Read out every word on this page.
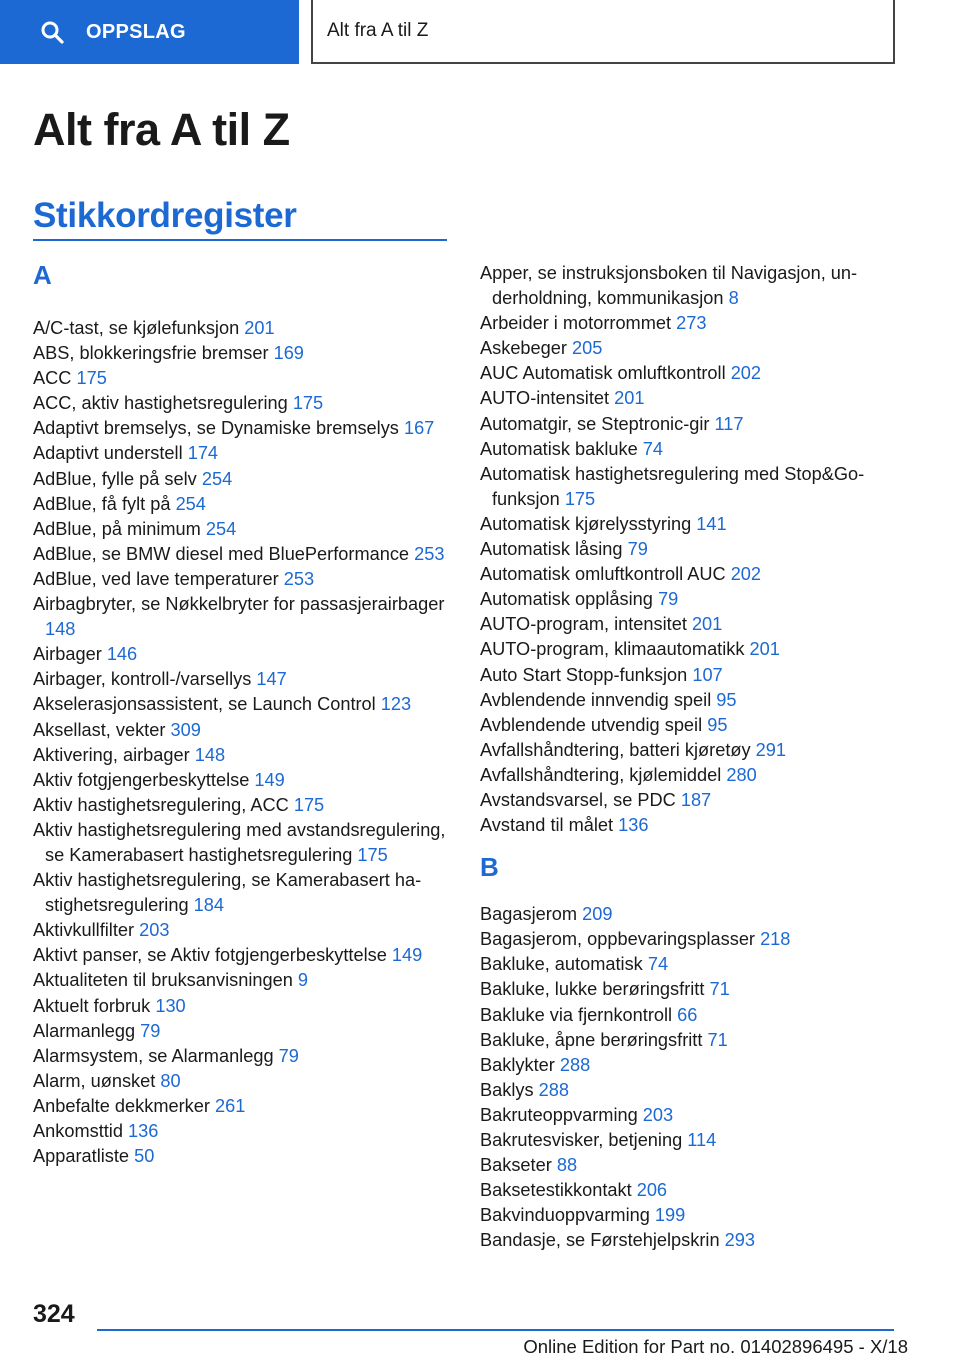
OPPSLAG	Alt fra A til Z
Alt fra A til Z
Stikkordregister
A
A/C-tast, se kjølefunksjon 201
ABS, blokkeringsfrie bremser 169
ACC 175
ACC, aktiv hastighetsregulering 175
Adaptivt bremselys, se Dynamiske bremselys 167
Adaptivt understell 174
AdBlue, fylle på selv 254
AdBlue, få fylt på 254
AdBlue, på minimum 254
AdBlue, se BMW diesel med BluePerformance 253
AdBlue, ved lave temperaturer 253
Airbagbryter, se Nøkkelbryter for passasjerairbager 148
Airbager 146
Airbager, kontroll-/varsellys 147
Akselerasjonsassistent, se Launch Control 123
Aksellast, vekter 309
Aktivering, airbager 148
Aktiv fotgjengerbeskyttelse 149
Aktiv hastighetsregulering, ACC 175
Aktiv hastighetsregulering med avstandsregulering, se Kamerabasert hastighetsregulering 175
Aktiv hastighetsregulering, se Kamerabasert hastighetsregulering 184
Aktivkullfilter 203
Aktivt panser, se Aktiv fotgjengerbeskyttelse 149
Aktualiteten til bruksanvisningen 9
Aktuelt forbruk 130
Alarmanlegg 79
Alarmsystem, se Alarmanlegg 79
Alarm, uønsket 80
Anbefalte dekkmerker 261
Ankomsttid 136
Apparatliste 50
Apper, se instruksjonsboken til Navigasjon, underholdning, kommunikasjon 8
Arbeider i motorrommet 273
Askebeger 205
AUC Automatisk omluftkontroll 202
AUTO-intensitet 201
Automatgir, se Steptronic-gir 117
Automatisk bakluke 74
Automatisk hastighetsregulering med Stop&Go-funksjon 175
Automatisk kjørelysstyring 141
Automatisk låsing 79
Automatisk omluftkontroll AUC 202
Automatisk opplåsing 79
AUTO-program, intensitet 201
AUTO-program, klimaautomatikk 201
Auto Start Stopp-funksjon 107
Avblendende innvendig speil 95
Avblendende utvendig speil 95
Avfallshåndtering, batteri kjøretøy 291
Avfallshåndtering, kjølemiddel 280
Avstandsvarsel, se PDC 187
Avstand til målet 136
B
Bagasjerom 209
Bagasjerom, oppbevaringsplasser 218
Bakluke, automatisk 74
Bakluke, lukke berøringsfritt 71
Bakluke via fjernkontroll 66
Bakluke, åpne berøringsfritt 71
Baklykter 288
Baklys 288
Bakruteoppvarming 203
Bakrutesvisker, betjening 114
Bakseter 88
Baksetestikkontakt 206
Bakvinduoppvarming 199
Bandasje, se Førstehjelpskrin 293
324
Online Edition for Part no. 01402896495 - X/18
